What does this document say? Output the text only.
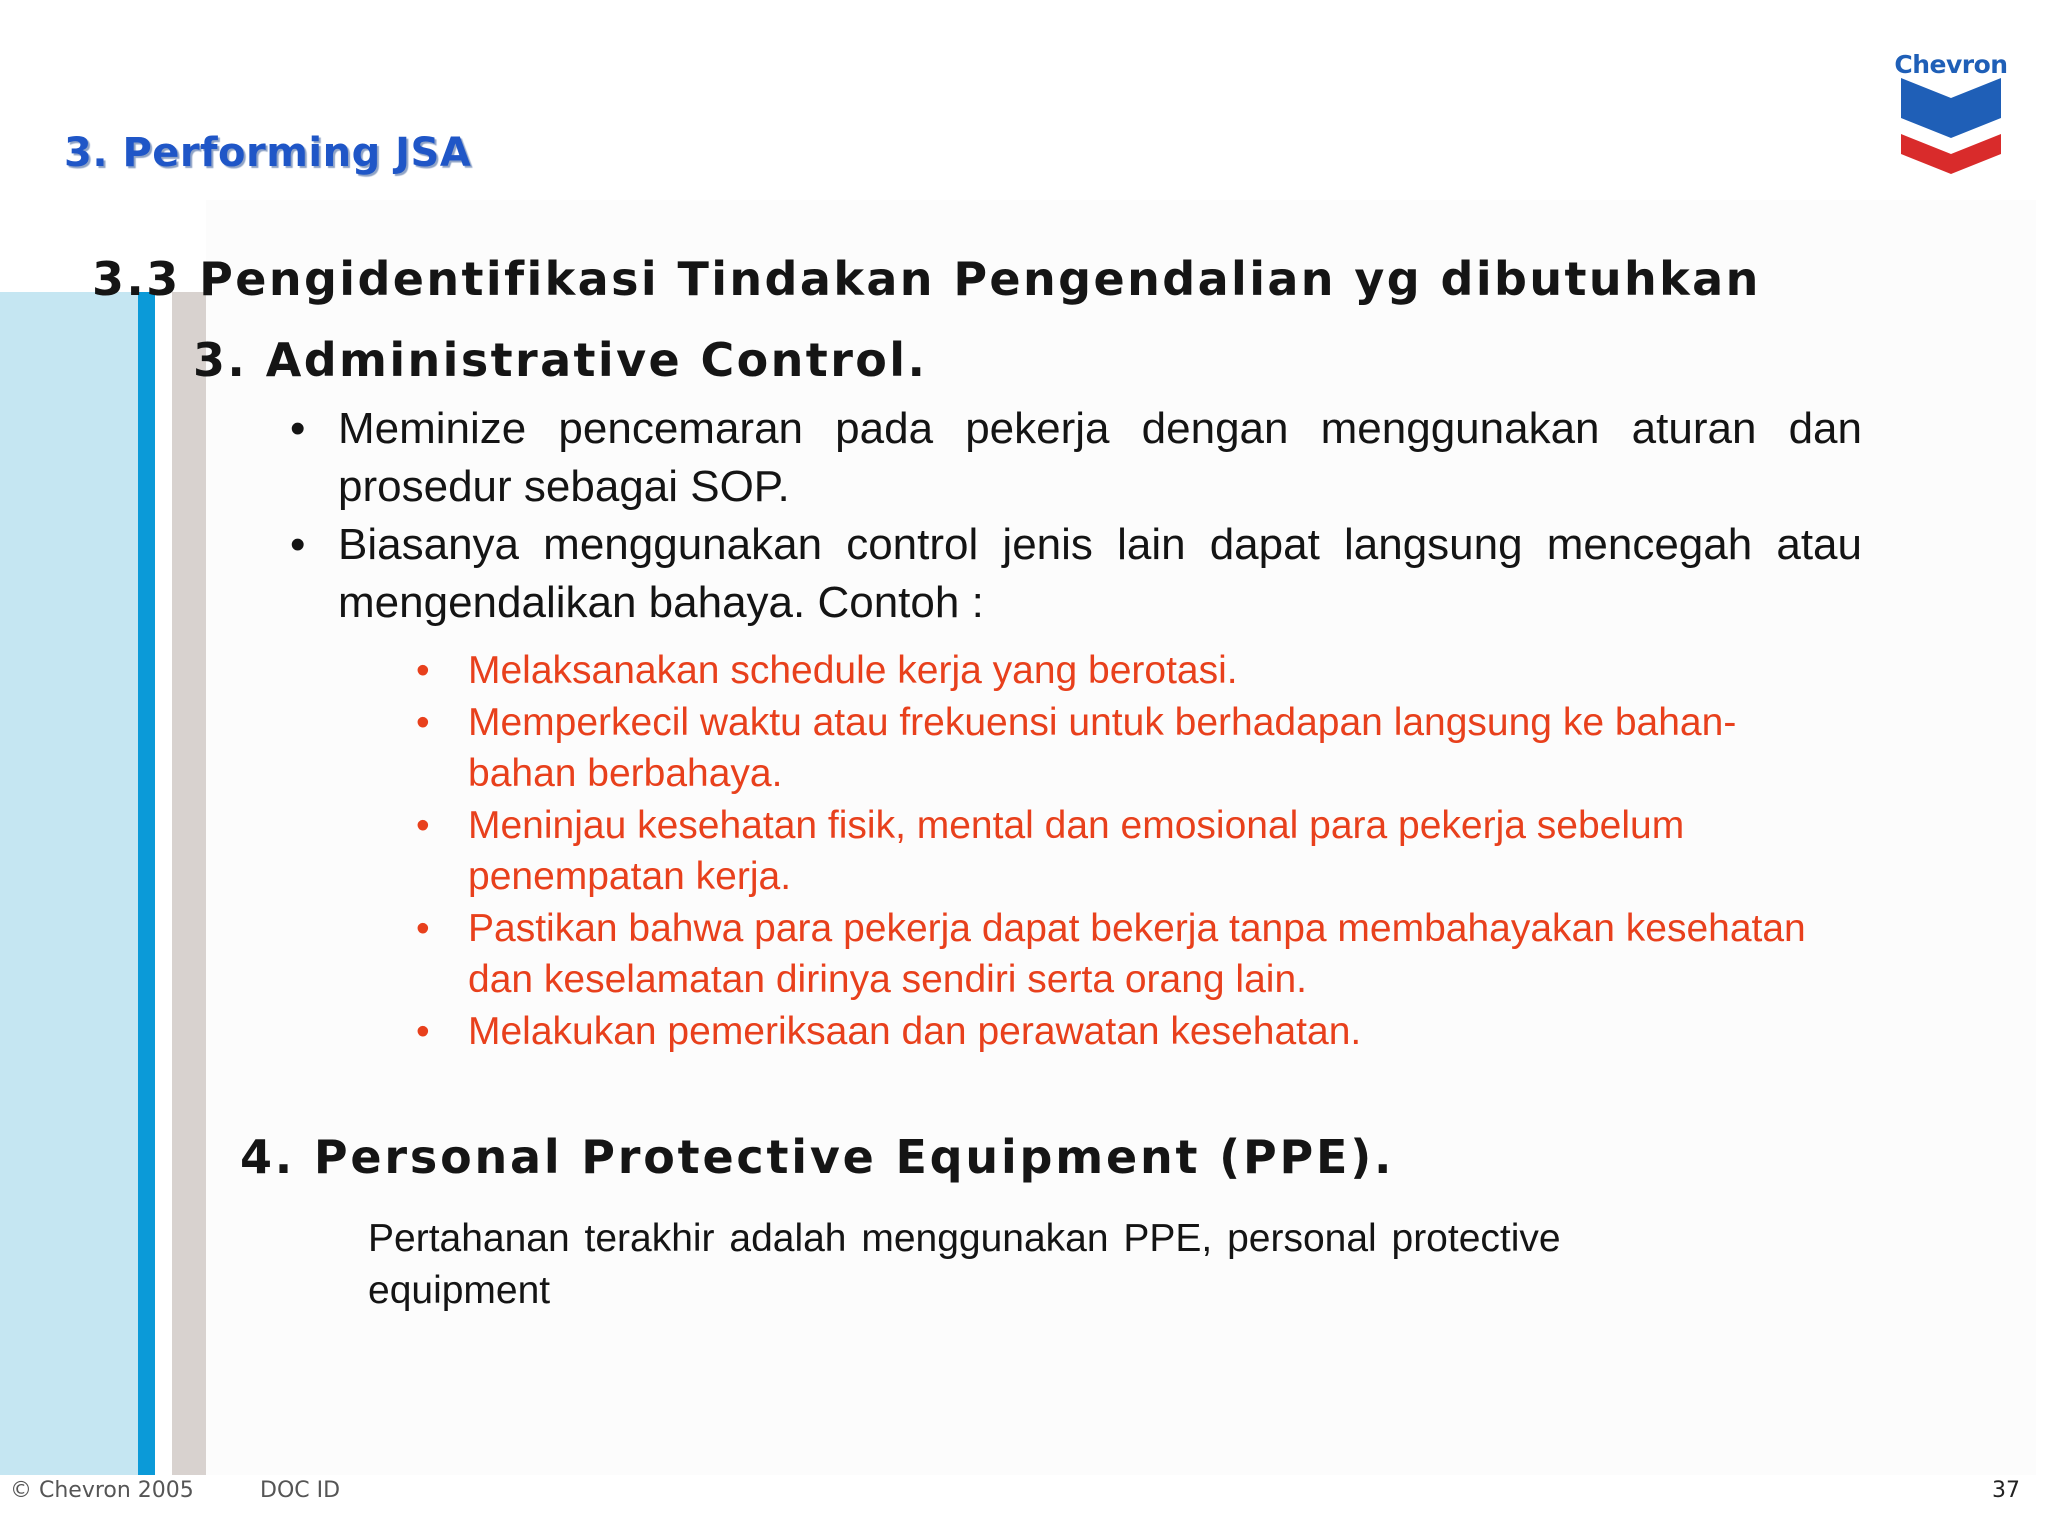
3. Performing JSA
Chevron
3.3 Pengidentifikasi Tindakan Pengendalian yg dibutuhkan
3. Administrative Control.
• Meminize pencemaran pada pekerja dengan menggunakan aturan dan prosedur sebagai SOP.
• Biasanya menggunakan control jenis lain dapat langsung mencegah atau mengendalikan bahaya. Contoh :
• Melaksanakan schedule kerja yang berotasi.
• Memperkecil waktu atau frekuensi untuk berhadapan langsung ke bahan-bahan berbahaya.
• Meninjau kesehatan fisik, mental dan emosional para pekerja sebelum penempatan kerja.
• Pastikan bahwa para pekerja dapat bekerja tanpa membahayakan kesehatan dan keselamatan dirinya sendiri serta orang lain.
• Melakukan pemeriksaan dan perawatan kesehatan.
4. Personal Protective Equipment (PPE).

Pertahanan terakhir adalah menggunakan PPE, personal protective equipment

© Chevron 2005	DOC ID	37
